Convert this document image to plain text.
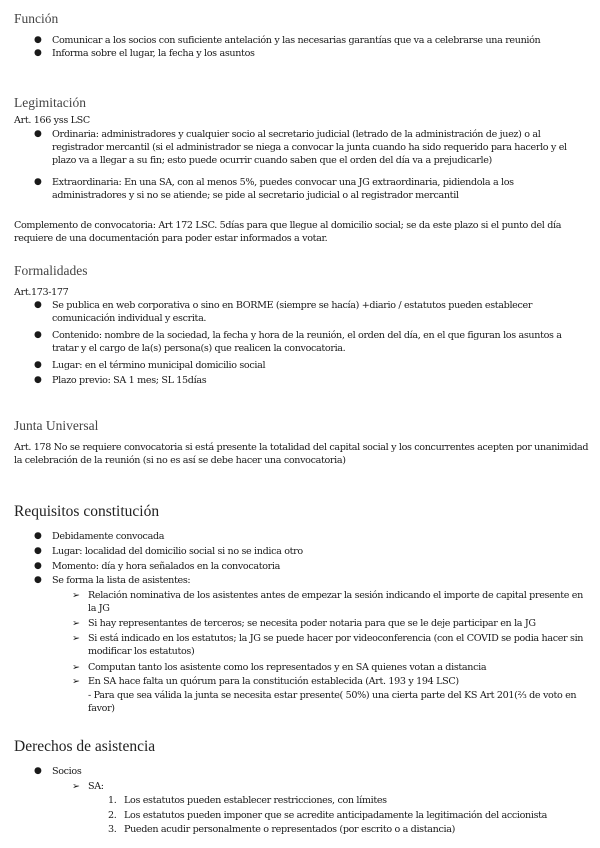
Función
● Comunicar a los socios con suficiente antelación y las necesarias garantías que va a celebrarse una reunión
● Informa sobre el lugar, la fecha y los asuntos
Legimitación

Art. 166 yss LSC

● Ordinaria: administradores y cualquier socio al secretario judicial (letrado de la administración de juez) o al registrador mercantil (si el administrador se niega a convocar la junta cuando ha sido requerido para hacerlo y el plazo va a llegar a su fin; esto puede ocurrir cuando saben que el orden del día va a prejudicarle)
● Extraordinaria: En una SA, con al menos 5%, puedes convocar una JG extraordinaria, pidiendola a los administradores y si no se atiende; se pide al secretario judicial o al registrador mercantil

Complemento de convocatoria: Art 172 LSC. 5días para que llegue al domicilio social; se da este plazo si el punto del día requiere de una documentación para poder estar informados a votar.

Formalidades

Art.173-177

● Se publica en web corporativa o sino en BORME (siempre se hacía) +diario / estatutos pueden establecer comunicación individual y escrita.
● Contenido: nombre de la sociedad, la fecha y hora de la reunión, el orden del día, en el que figuran los asuntos a tratar y el cargo de la(s) persona(s) que realicen la convocatoria.
● Lugar: en el término municipal domicilio social
● Plazo previo: SA 1 mes; SL 15días
Junta Universal

Art. 178 No se requiere convocatoria si está presente la totalidad del capital social y los concurrentes acepten por unanimidad la celebración de la reunión (si no es así se debe hacer una convocatoria)

Requisitos constitución
● Debidamente convocada
● Lugar: localidad del domicilio social si no se indica otro
● Momento: día y hora señalados en la convocatoria
● Se forma la lista de asistentes:
➢ Relación nominativa de los asistentes antes de empezar la sesión indicando el importe de capital presente en la JG
➢ Si hay representantes de terceros; se necesita poder notaria para que se le deje participar en la JG
➢ Si está indicado en los estatutos; la JG se puede hacer por videoconferencia (con el COVID se podia hacer sin modificar los estatutos)
➢ Computan tanto los asistente como los representados y en SA quienes votan a distancia
➢ En SA hace falta un quórum para la constitución establecida (Art. 193 y 194 LSC)

- Para que sea válida la junta se necesita estar presente( 50%) una cierta parte del KS Art 201(⅔ de voto en favor)

Derechos de asistencia
● Socios
➢ SA:
1. Los estatutos pueden establecer restricciones, con límites
2. Los estatutos pueden imponer que se acredite anticipadamente la legitimación del accionista
3. Pueden acudir personalmente o representados (por escrito o a distancia)
